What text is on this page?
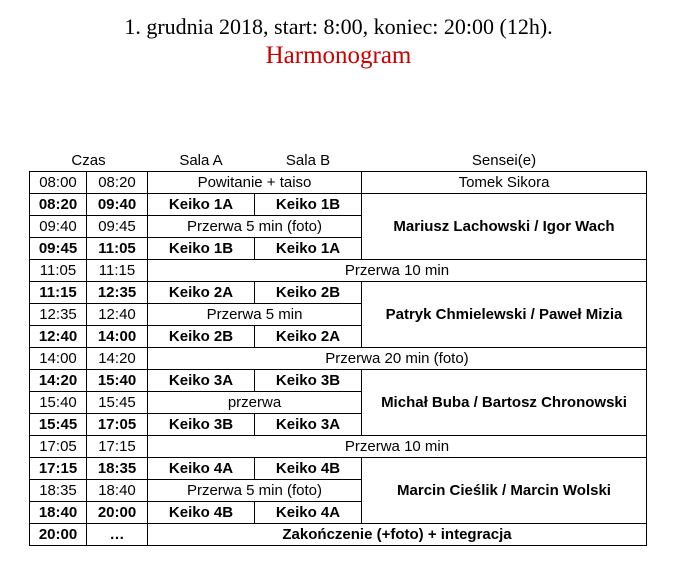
1. grudnia 2018, start: 8:00, koniec: 20:00 (12h).
Harmonogram
Czas		Sala A	Sala B	Sensei(e)
08:00	08:20	Powitanie + taiso		Tomek Sikora
08:20	09:40	Keiko 1A	Keiko 1B	Mariusz Lachowski / Igor Wach
09:40	09:45	Przerwa 5 min (foto)		
09:45	11:05	Keiko 1B	Keiko 1A	
11:05	11:15	Przerwa 10 min		
11:15	12:35	Keiko 2A	Keiko 2B	Patryk Chmielewski / Paweł Mizia
12:35	12:40	Przerwa 5 min		
12:40	14:00	Keiko 2B	Keiko 2A	
14:00	14:20	Przerwa 20 min (foto)		
14:20	15:40	Keiko 3A	Keiko 3B	Michał Buba / Bartosz Chronowski
15:40	15:45	przerwa		
15:45	17:05	Keiko 3B	Keiko 3A	
17:05	17:15	Przerwa 10 min		
17:15	18:35	Keiko 4A	Keiko 4B	Marcin Cieślik / Marcin Wolski
18:35	18:40	Przerwa 5 min (foto)		
18:40	20:00	Keiko 4B	Keiko 4A	
20:00	…	Zakończenie (+foto) + integracja		
